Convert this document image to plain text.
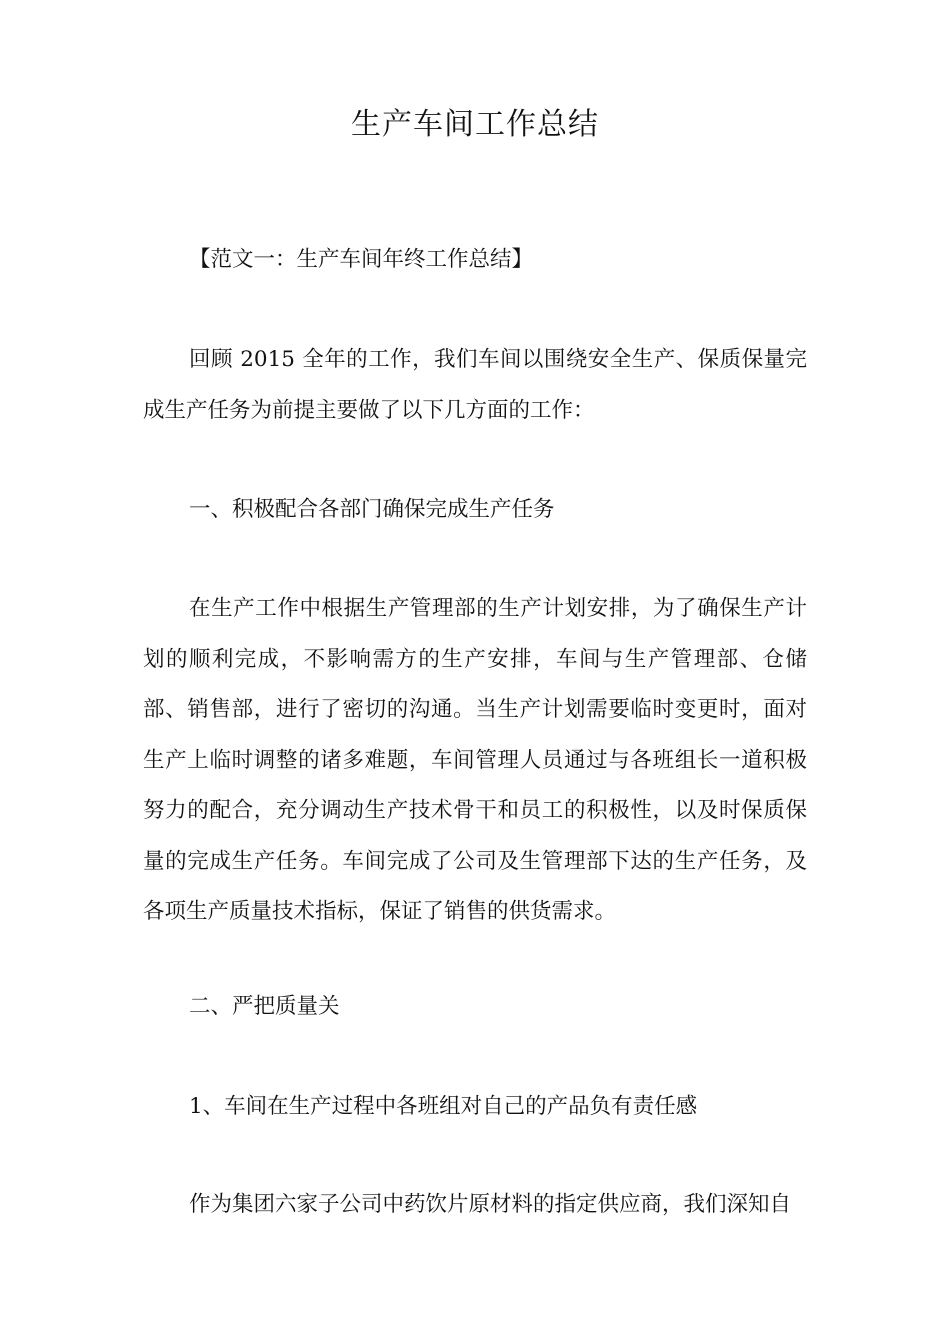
生产车间工作总结

【范文一：生产车间年终工作总结】

回顾 2015 全年的工作，我们车间以围绕安全生产、保质保量完成生产任务为前提主要做了以下几方面的工作：

一、积极配合各部门确保完成生产任务

在生产工作中根据生产管理部的生产计划安排，为了确保生产计划的顺利完成，不影响需方的生产安排，车间与生产管理部、仓储部、销售部，进行了密切的沟通。当生产计划需要临时变更时，面对生产上临时调整的诸多难题，车间管理人员通过与各班组长一道积极努力的配合，充分调动生产技术骨干和员工的积极性，以及时保质保量的完成生产任务。车间完成了公司及生管理部下达的生产任务，及各项生产质量技术指标，保证了销售的供货需求。

二、严把质量关

1、车间在生产过程中各班组对自己的产品负有责任感

作为集团六家子公司中药饮片原材料的指定供应商，我们深知自
